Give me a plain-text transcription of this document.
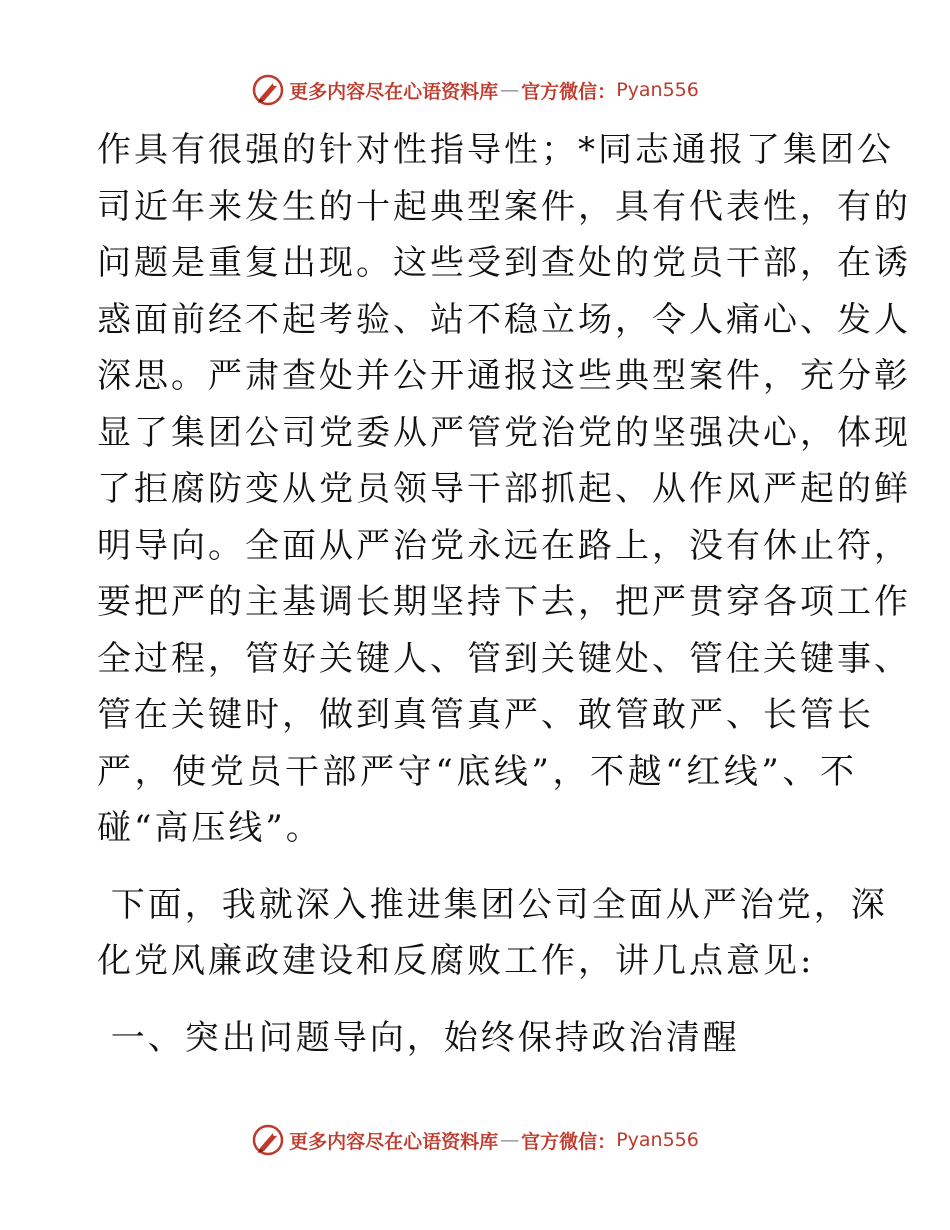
更多内容尽在心语资料库 — 官方微信： Pyan556

作具有很强的针对性指导性；*同志通报了集团公
司近年来发生的十起典型案件，具有代表性，有的
问题是重复出现。这些受到查处的党员干部，在诱
惑面前经不起考验、站不稳立场，令人痛心、发人
深思。严肃查处并公开通报这些典型案件，充分彰
显了集团公司党委从严管党治党的坚强决心，体现
了拒腐防变从党员领导干部抓起、从作风严起的鲜
明导向。全面从严治党永远在路上，没有休止符，
要把严的主基调长期坚持下去，把严贯穿各项工作
全过程，管好关键人、管到关键处、管住关键事、
管在关键时，做到真管真严、敢管敢严、长管长
严，使党员干部严守“底线”，不越“红线”、不
碰“高压线”。

下面，我就深入推进集团公司全面从严治党，深
化党风廉政建设和反腐败工作，讲几点意见:

一、突出问题导向，始终保持政治清醒

更多内容尽在心语资料库 — 官方微信： Pyan556
